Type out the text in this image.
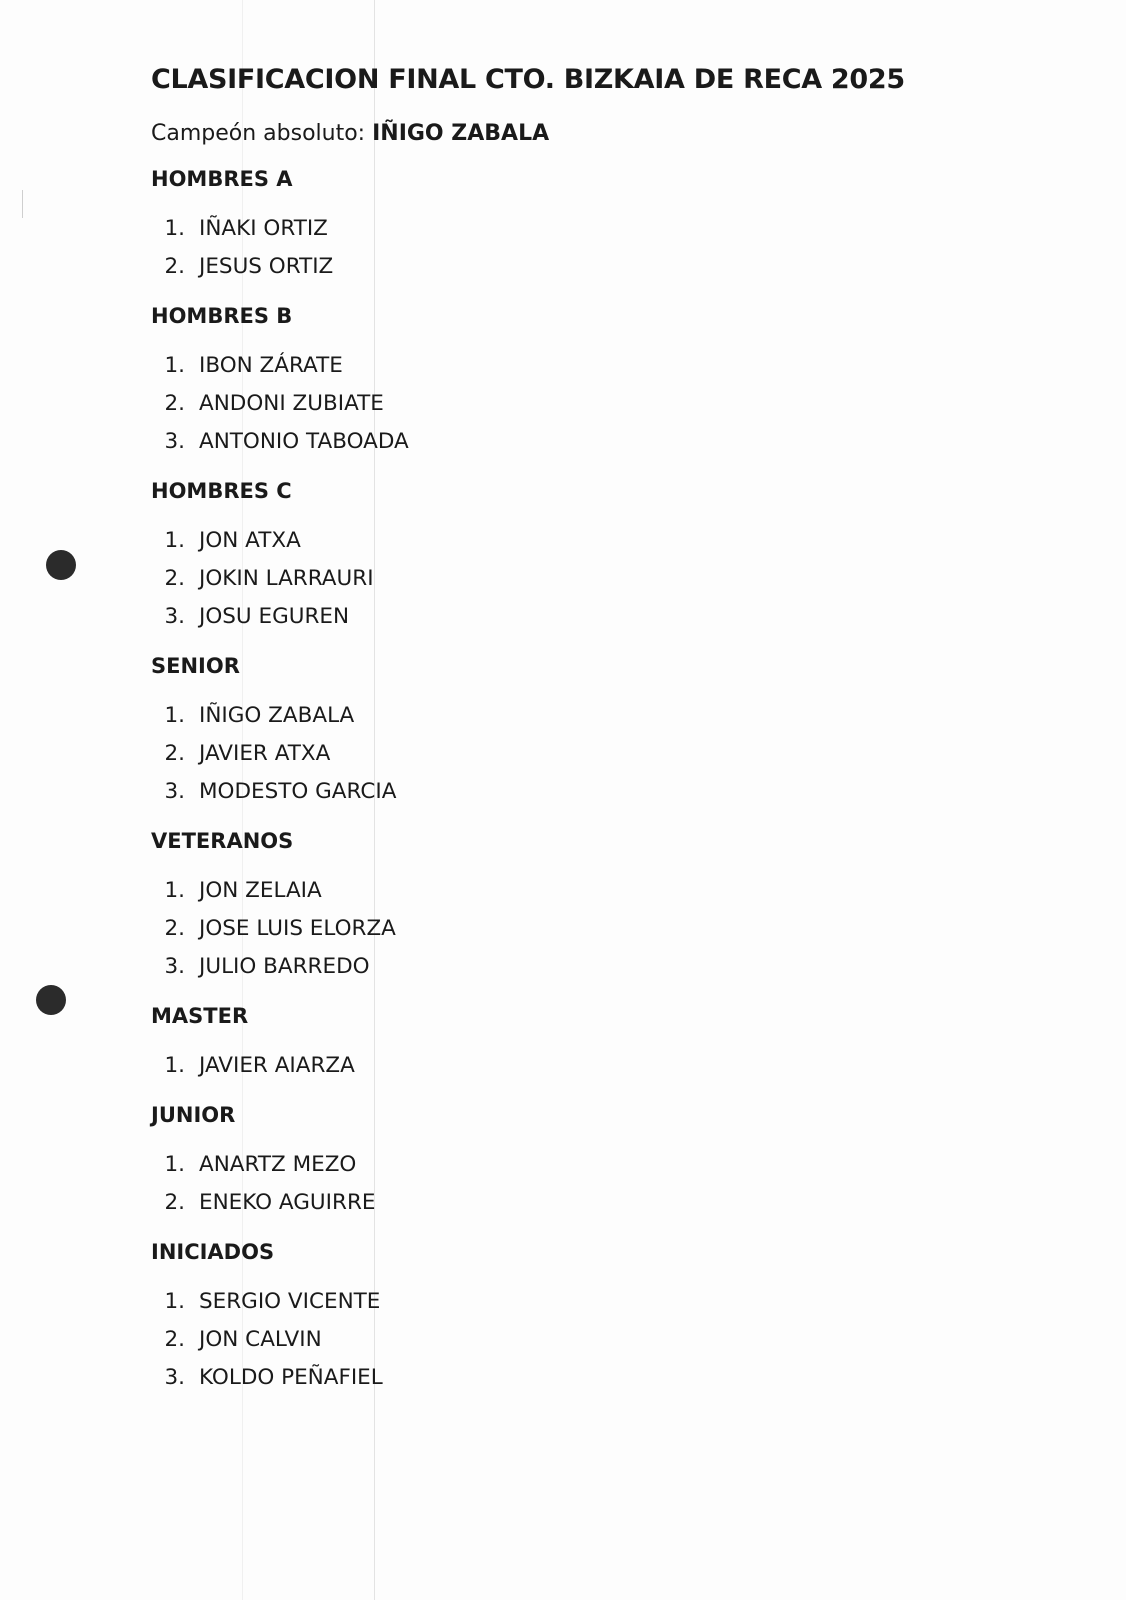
CLASIFICACION FINAL CTO. BIZKAIA DE RECA 2025

Campeón absoluto: IÑIGO ZABALA

HOMBRES A
1. IÑAKI ORTIZ
2. JESUS ORTIZ
HOMBRES B
1. IBON ZÁRATE
2. ANDONI ZUBIATE
3. ANTONIO TABOADA
HOMBRES C
1. JON ATXA
2. JOKIN LARRAURI
3. JOSU EGUREN
SENIOR
1. IÑIGO ZABALA
2. JAVIER ATXA
3. MODESTO GARCIA
VETERANOS
1. JON ZELAIA
2. JOSE LUIS ELORZA
3. JULIO BARREDO
MASTER
1. JAVIER AIARZA
JUNIOR
1. ANARTZ MEZO
2. ENEKO AGUIRRE
INICIADOS
1. SERGIO VICENTE
2. JON CALVIN
3. KOLDO PEÑAFIEL
